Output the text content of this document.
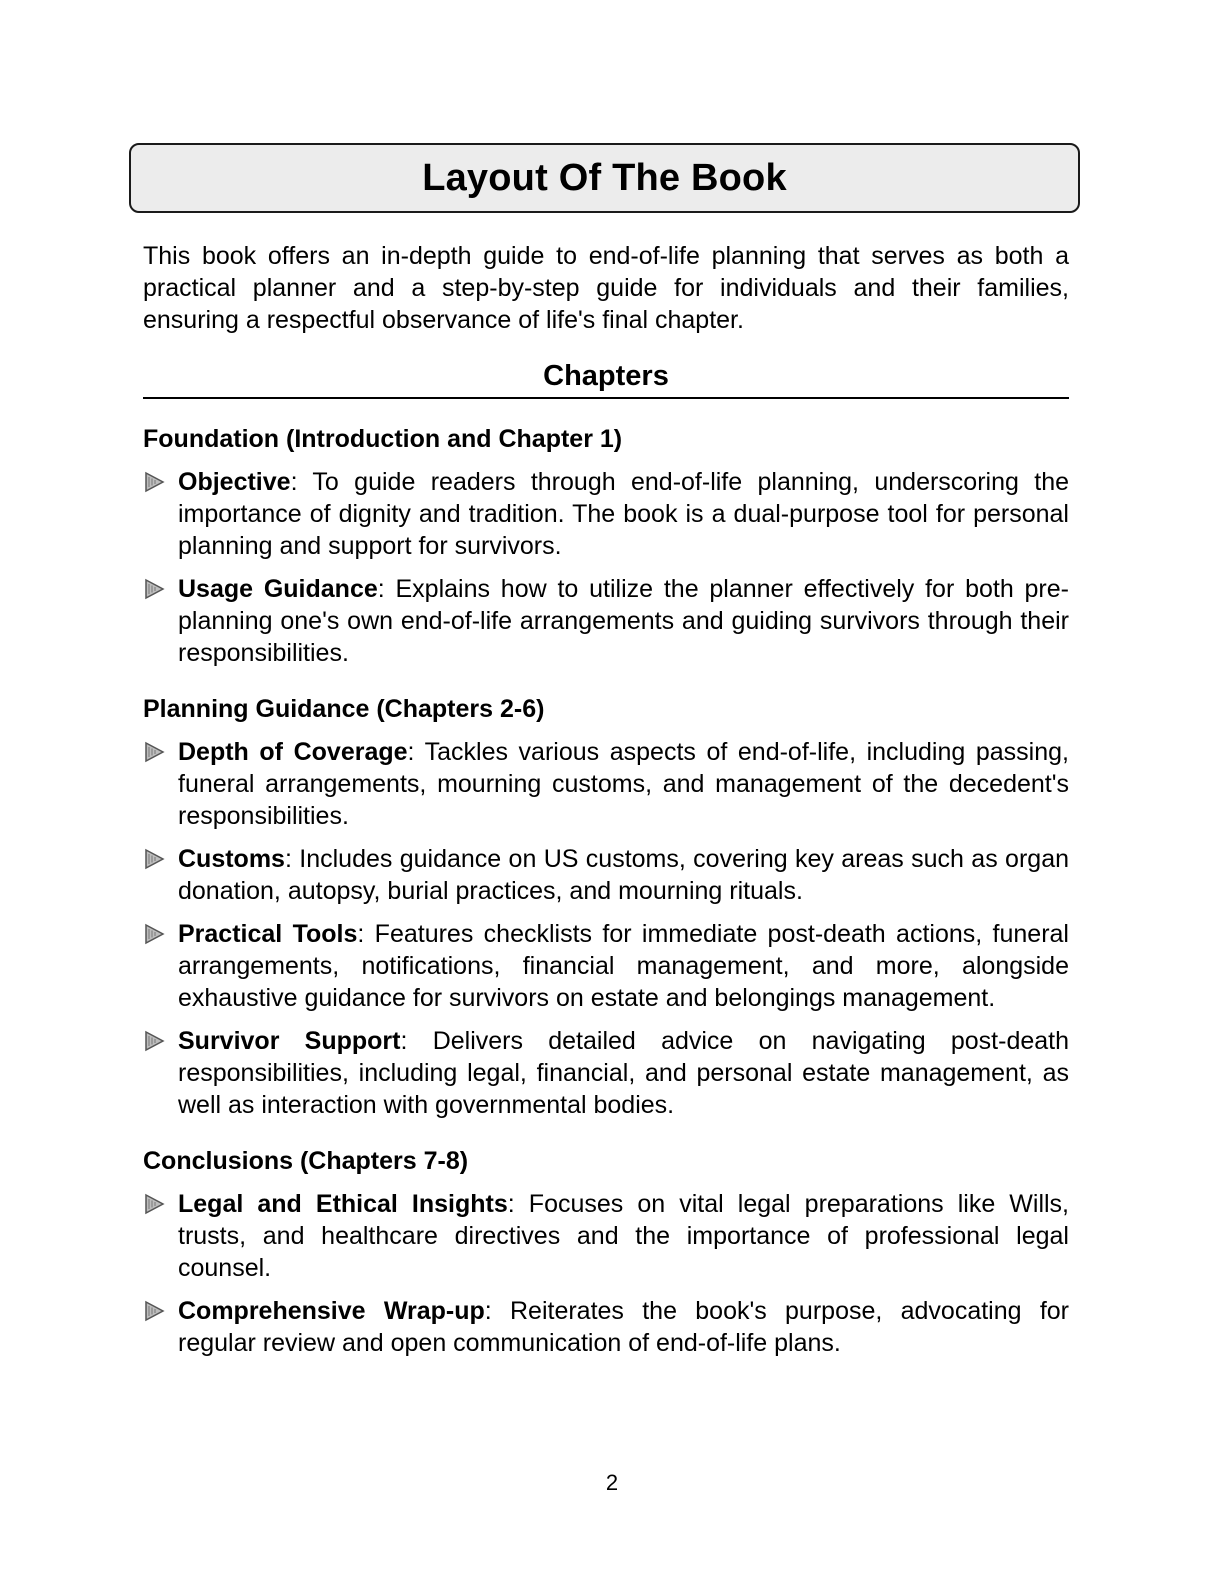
Layout Of The Book

This book offers an in-depth guide to end-of-life planning that serves as both a practical planner and a step-by-step guide for individuals and their families, ensuring a respectful observance of life's final chapter.

Chapters
Foundation (Introduction and Chapter 1)
Objective: To guide readers through end-of-life planning, underscoring the importance of dignity and tradition. The book is a dual-purpose tool for personal planning and support for survivors.
Usage Guidance: Explains how to utilize the planner effectively for both pre-planning one's own end-of-life arrangements and guiding survivors through their responsibilities.
Planning Guidance (Chapters 2-6)
Depth of Coverage: Tackles various aspects of end-of-life, including passing, funeral arrangements, mourning customs, and management of the decedent's responsibilities.
Customs: Includes guidance on US customs, covering key areas such as organ donation, autopsy, burial practices, and mourning rituals.
Practical Tools: Features checklists for immediate post-death actions, funeral arrangements, notifications, financial management, and more, alongside exhaustive guidance for survivors on estate and belongings management.
Survivor Support: Delivers detailed advice on navigating post-death responsibilities, including legal, financial, and personal estate management, as well as interaction with governmental bodies.
Conclusions (Chapters 7-8)
Legal and Ethical Insights: Focuses on vital legal preparations like Wills, trusts, and healthcare directives and the importance of professional legal counsel.
Comprehensive Wrap-up: Reiterates the book's purpose, advocating for regular review and open communication of end-of-life plans.
2
